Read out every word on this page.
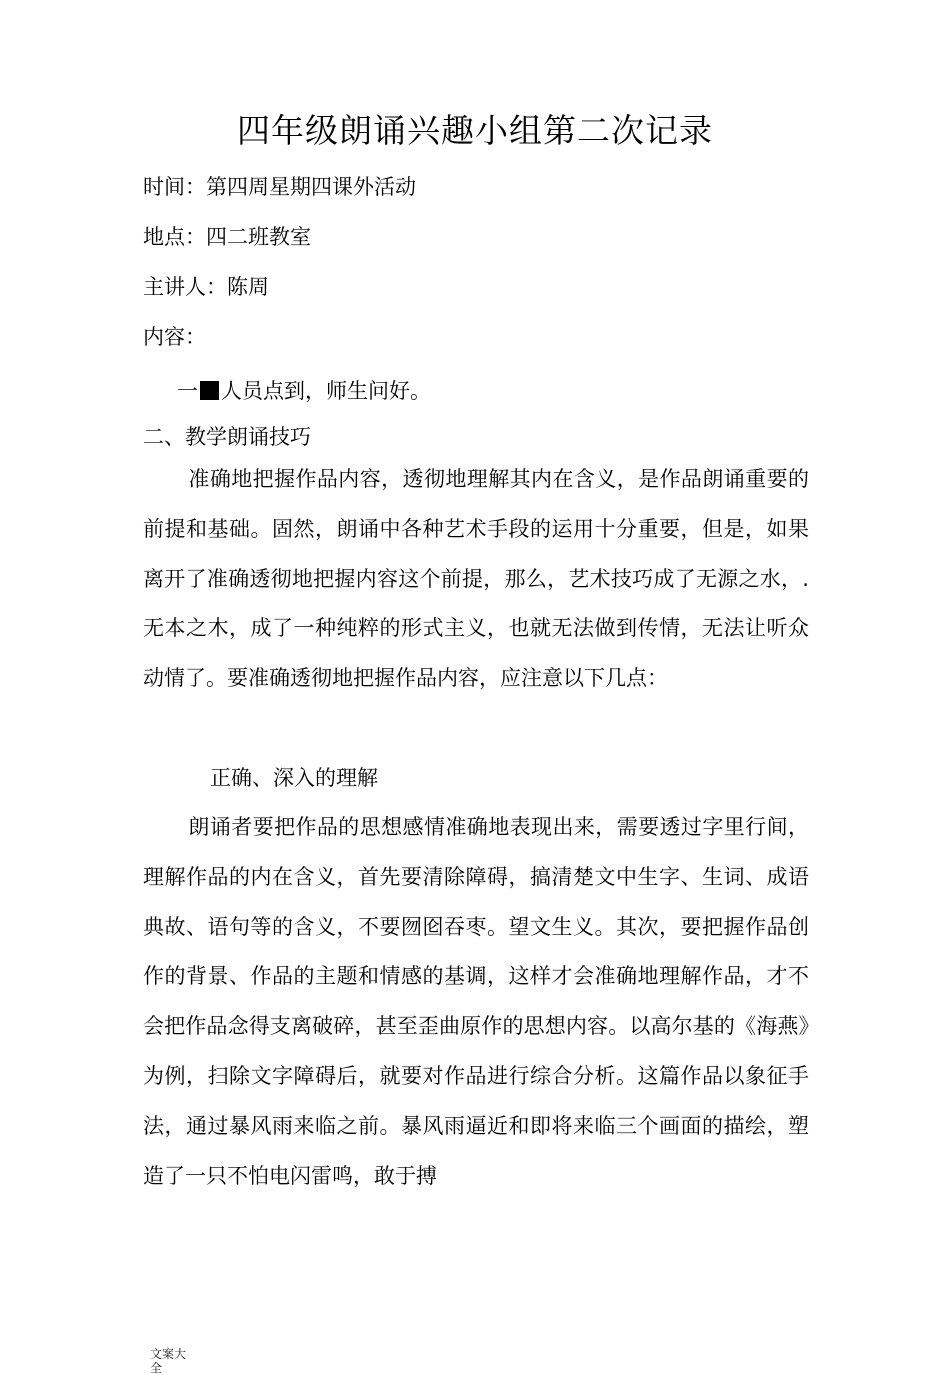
四年级朗诵兴趣小组第二次记录
时间：第四周星期四课外活动
地点：四二班教室
主讲人：陈周
内容：
一 人员点到，师生问好。
二、教学朗诵技巧

准确地把握作品内容，透彻地理解其内在含义，是作品朗诵重要的前提和基础。固然，朗诵中各种艺术手段的运用十分重要，但是，如果离开了准确透彻地把握内容这个前提，那么，艺术技巧成了无源之水，.无本之木，成了一种纯粹的形式主义，也就无法做到传情，无法让听众动情了。要准确透彻地把握作品内容，应注意以下几点：

正确、深入的理解

朗诵者要把作品的思想感情准确地表现出来，需要透过字里行间，理解作品的内在含义，首先要清除障碍，搞清楚文中生字、生词、成语典故、语句等的含义，不要囫囵吞枣。望文生义。其次，要把握作品创作的背景、作品的主题和情感的基调，这样才会准确地理解作品，才不会把作品念得支离破碎，甚至歪曲原作的思想内容。以高尔基的《海燕》为例，扫除文字障碍后，就要对作品进行综合分析。这篇作品以象征手法，通过暴风雨来临之前。暴风雨逼近和即将来临三个画面的描绘，塑造了一只不怕电闪雷鸣，敢于搏

文案大全
